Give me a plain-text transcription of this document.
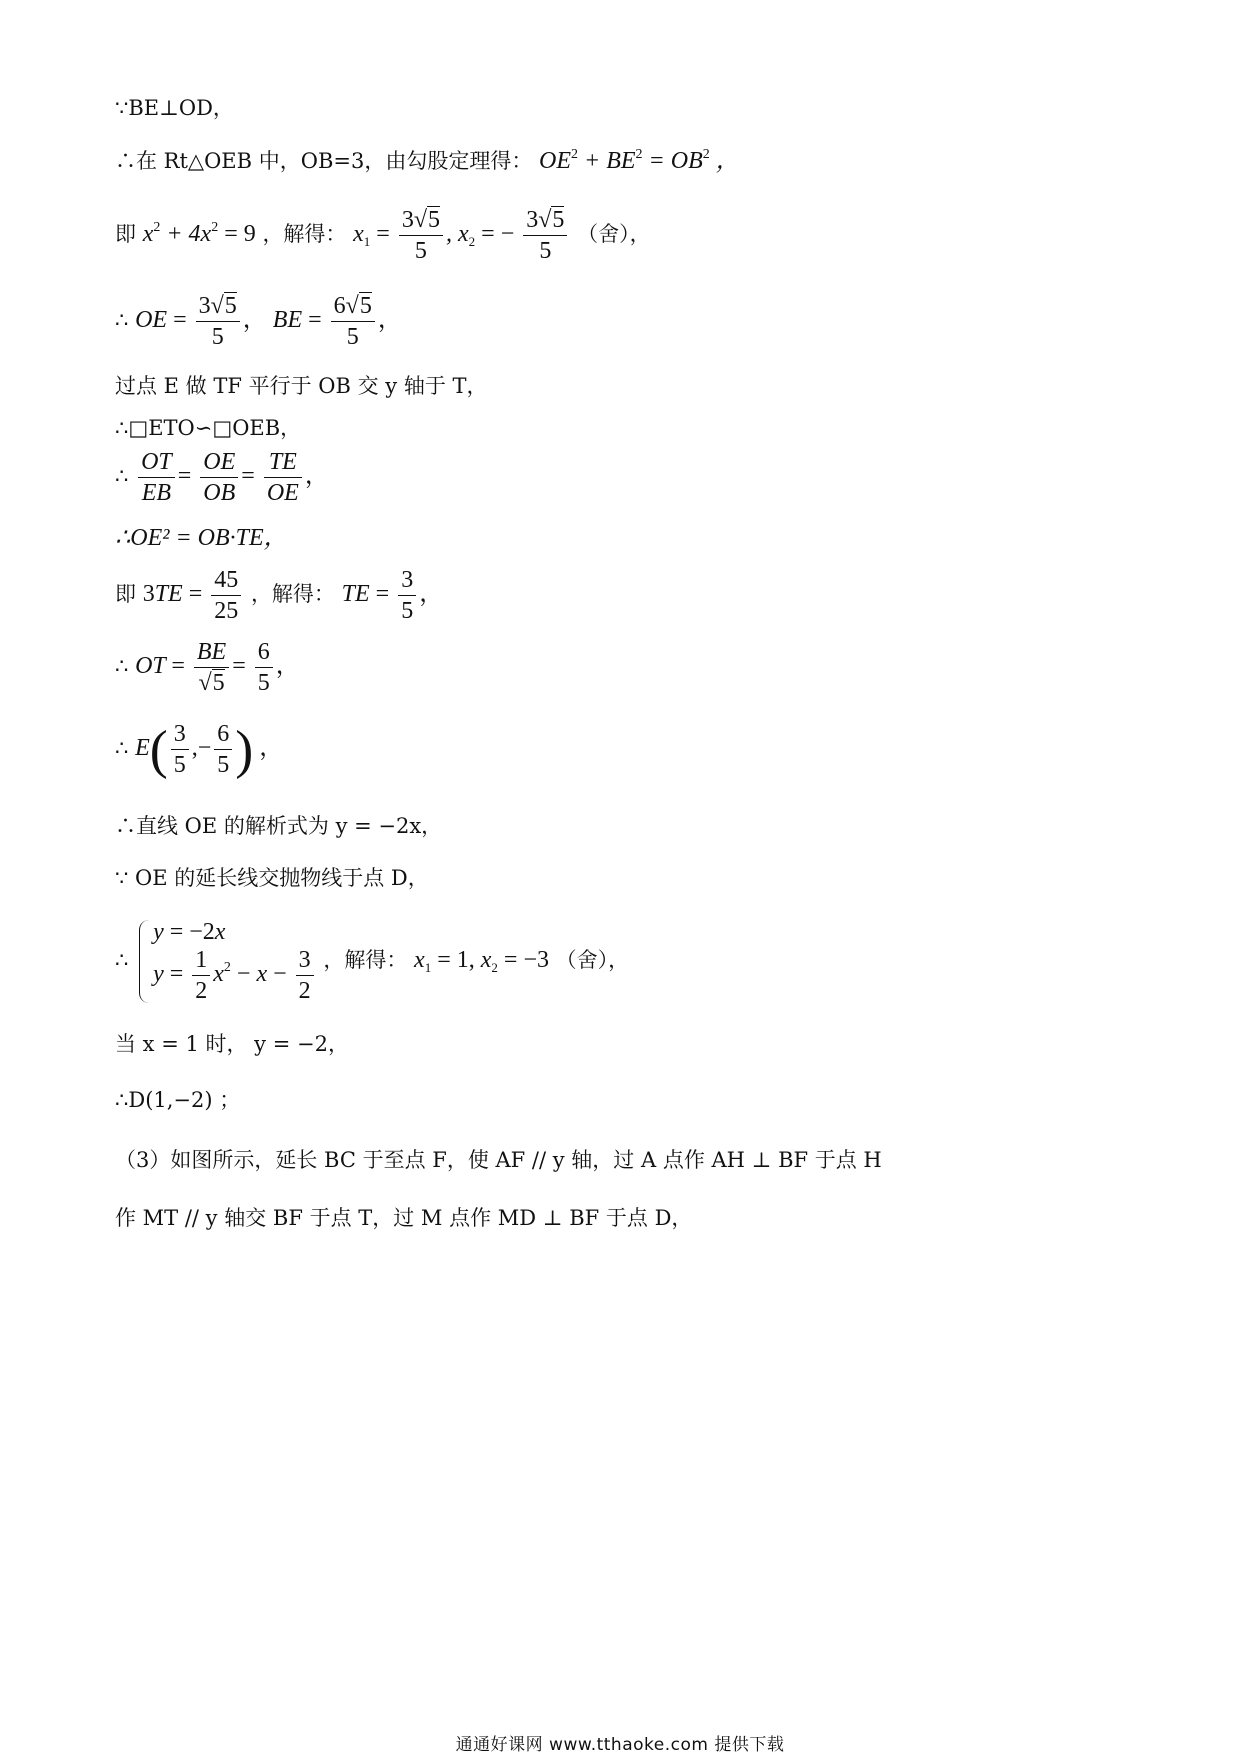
∵BE⊥OD，
∴在 Rt△OEB 中，OB=3，由勾股定理得： $OE^2 + BE^2 = OB^2$ ，
即 $x^2 + 4x^2 = 9$ ，解得： $x_1 = \frac{3√5}{5}$ , $x_2$ = − $\frac{3√5}{5}$ （舍），
∴ OE = $\frac{3√5}{5}$ ， BE = $\frac{6√5}{5}$ ，
过点 E 做 TF 平行于 OB 交 y 轴于 T，
∴□ETO∽□OEB，
∴ $\frac{OT}{EB} = \frac{OE}{OB} = \frac{TE}{OE}$ ，
∴OE² = OB·TE，
即 $3TE = \frac{45}{25}$ ，解得： TE = $\frac{3}{5}$ ，
∴ OT = $\frac{BE}{√5} = \frac{6}{5}$ ，
∴ $E( \frac{3}{5}$ ,− $\frac{6}{5}$ ) ，
∴直线 OE 的解析式为 y = −2x，
∵ OE 的延长线交抛物线于点 D，
∴
y = −2x
$y = \frac{1}{2} x^2 - x - \frac{3}{2}$ ，解得： $x_1 = 1$, $x_2 = -3$ （舍），
当 x = 1 时， y = −2，
∴D(1,−2) ；
（3）如图所示，延长 BC 于至点 F，使 AF // y 轴，过 A 点作 AH ⊥ BF 于点 H
作 MT // y 轴交 BF 于点 T，过 M 点作 MD ⊥ BF 于点 D，
通通好课网 www.tthaoke.com 提供下载
